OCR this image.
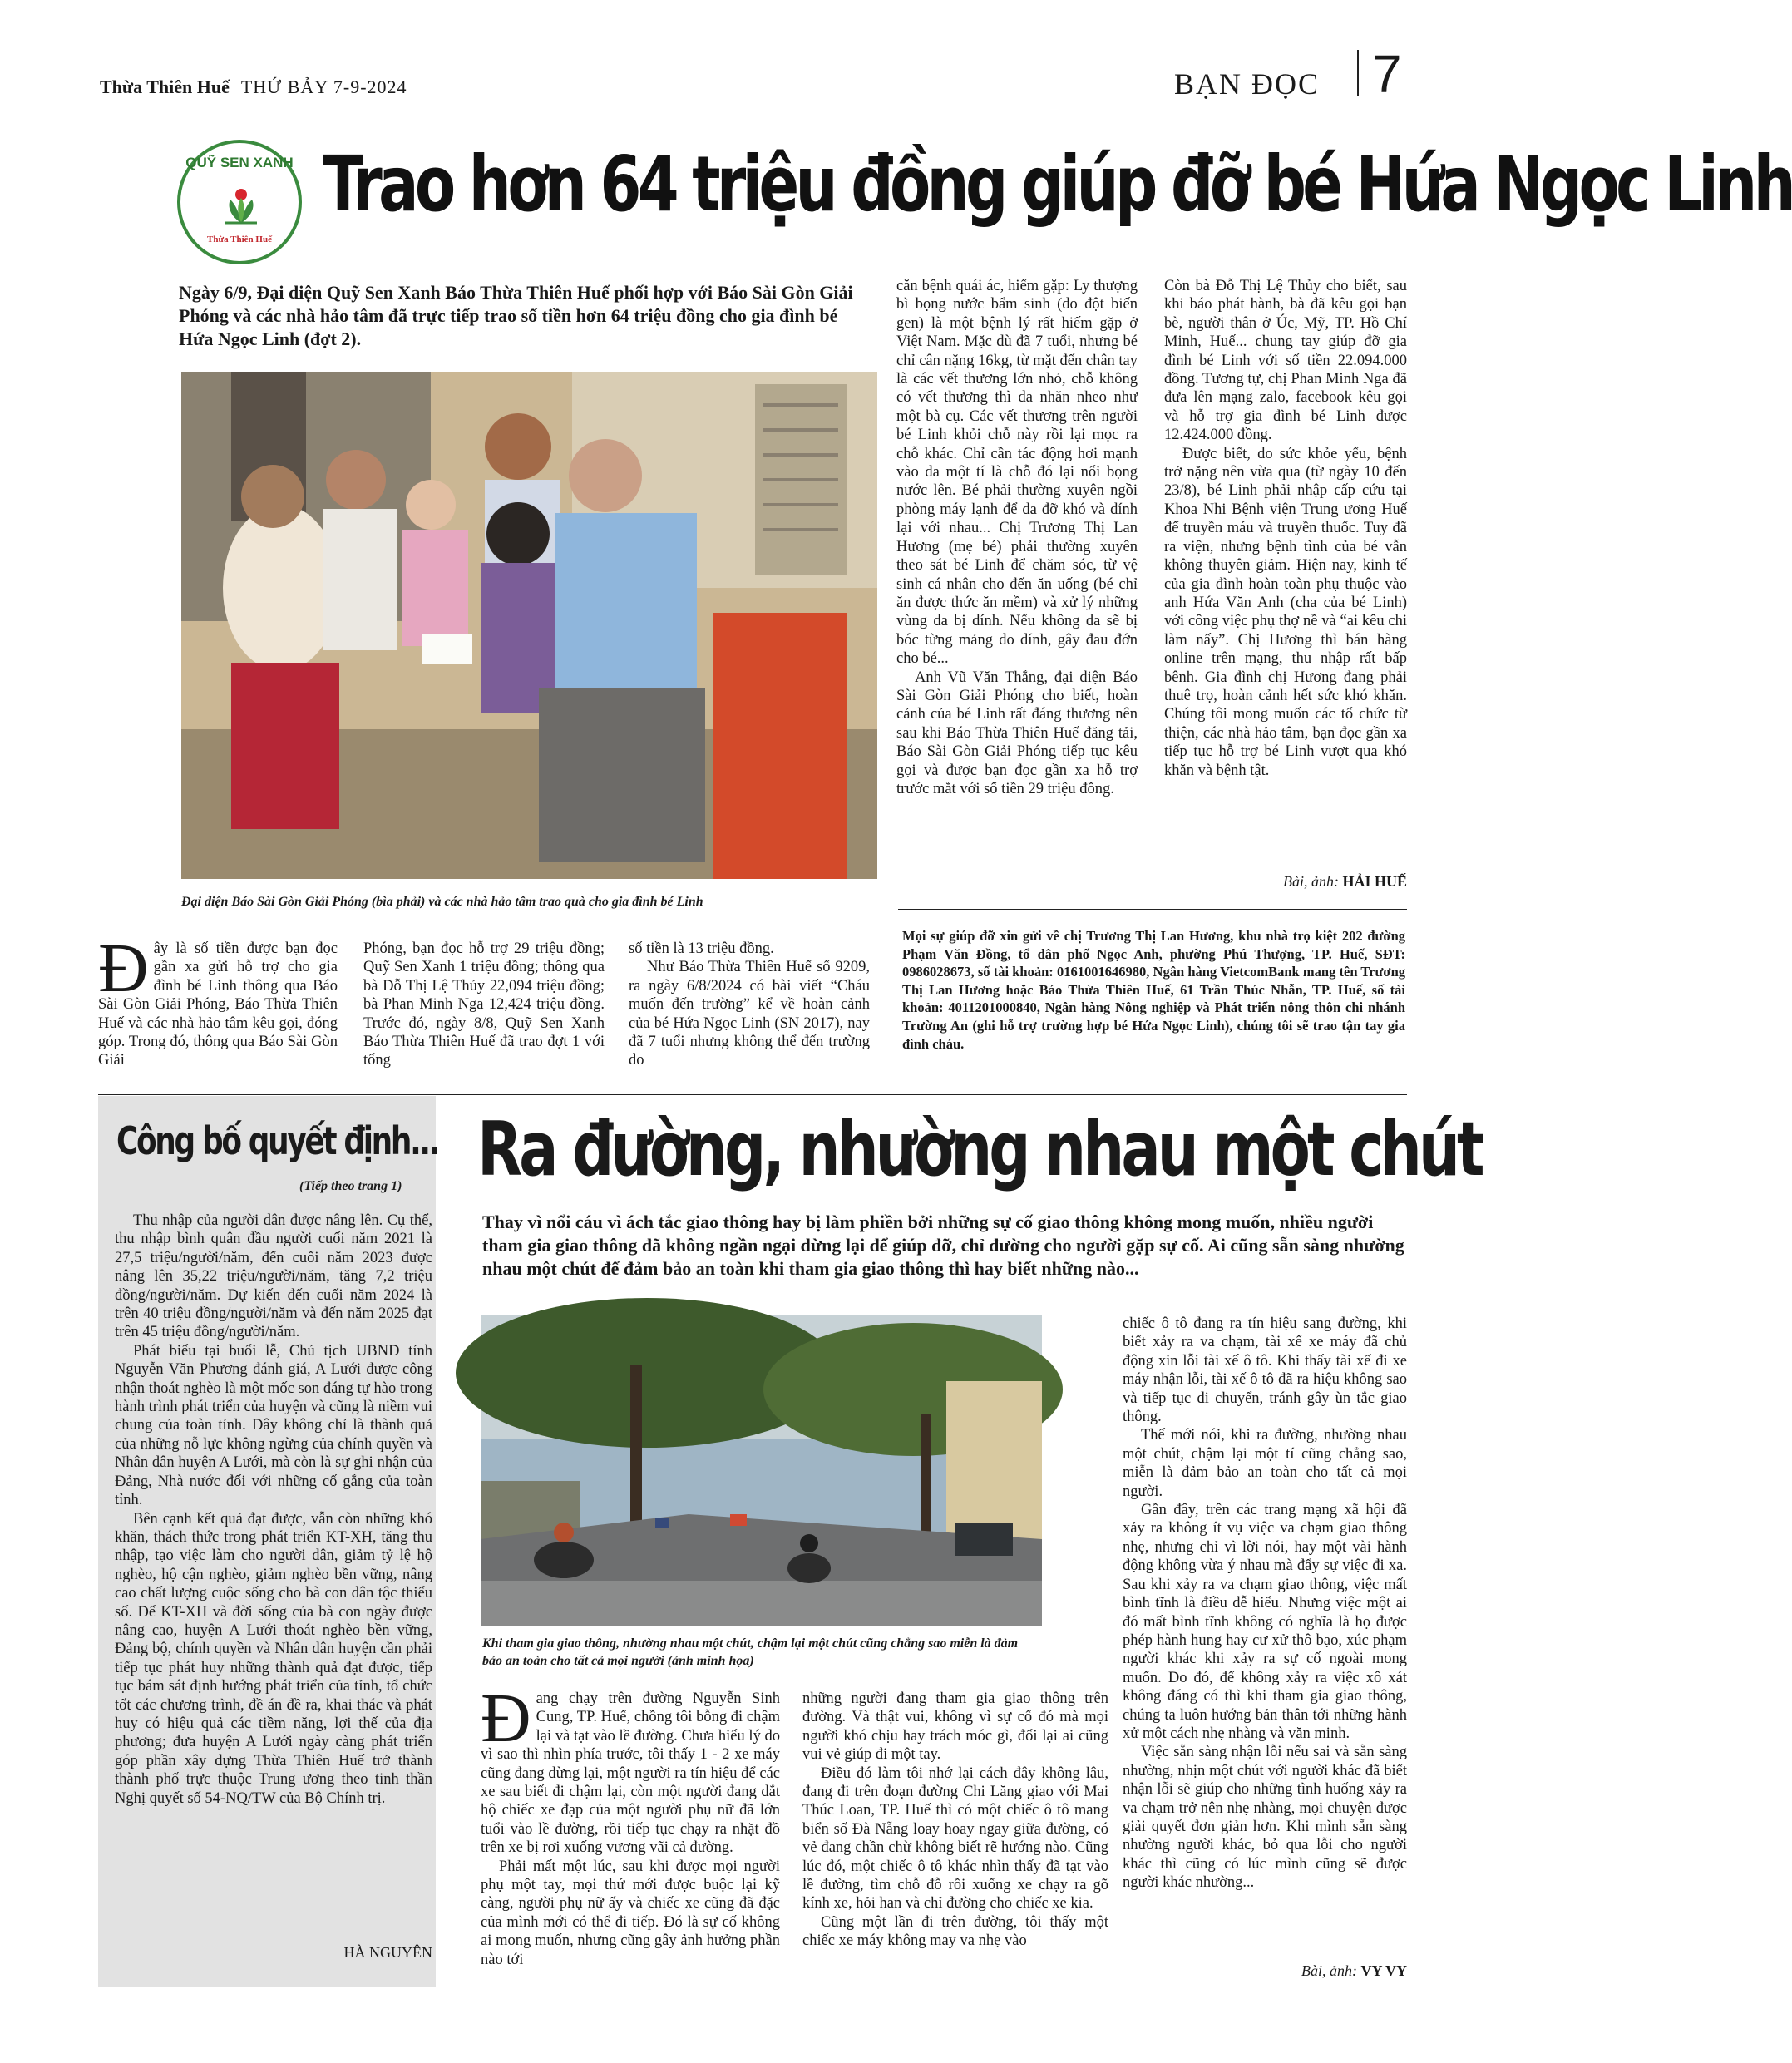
Thừa Thiên Huế THỨ BẢY 7-9-2024	BẠN ĐỌC 7
QUỸ SEN XANH
Thừa Thiên Huế
Trao hơn 64 triệu đồng giúp đỡ bé Hứa Ngọc Linh
Ngày 6/9, Đại diện Quỹ Sen Xanh Báo Thừa Thiên Huế phối hợp với Báo Sài Gòn Giải Phóng và các nhà hảo tâm đã trực tiếp trao số tiền hơn 64 triệu đồng cho gia đình bé Hứa Ngọc Linh (đợt 2).
Đại diện Báo Sài Gòn Giải Phóng (bìa phải) và các nhà hảo tâm trao quà cho gia đình bé Linh
Đây là số tiền được bạn đọc gần xa gửi hỗ trợ cho gia đình bé Linh thông qua Báo Sài Gòn Giải Phóng, Báo Thừa Thiên Huế và các nhà hảo tâm kêu gọi, đóng góp. Trong đó, thông qua Báo Sài Gòn Giải

Phóng, bạn đọc hỗ trợ 29 triệu đồng; Quỹ Sen Xanh 1 triệu đồng; thông qua bà Đỗ Thị Lệ Thủy 22,094 triệu đồng; bà Phan Minh Nga 12,424 triệu đồng. Trước đó, ngày 8/8, Quỹ Sen Xanh Báo Thừa Thiên Huế đã trao đợt 1 với tổng

số tiền là 13 triệu đồng.

Như Báo Thừa Thiên Huế số 9209, ra ngày 6/8/2024 có bài viết “Cháu muốn đến trường” kể về hoàn cảnh của bé Hứa Ngọc Linh (SN 2017), nay đã 7 tuổi nhưng không thể đến trường do

căn bệnh quái ác, hiếm gặp: Ly thượng bì bọng nước bẩm sinh (do đột biến gen) là một bệnh lý rất hiếm gặp ở Việt Nam. Mặc dù đã 7 tuổi, nhưng bé chỉ cân nặng 16kg, từ mặt đến chân tay là các vết thương lớn nhỏ, chỗ không có vết thương thì da nhăn nheo như một bà cụ. Các vết thương trên người bé Linh khỏi chỗ này rồi lại mọc ra chỗ khác. Chỉ cần tác động hơi mạnh vào da một tí là chỗ đó lại nổi bọng nước lên. Bé phải thường xuyên ngồi phòng máy lạnh để da đỡ khó và dính lại với nhau... Chị Trương Thị Lan Hương (mẹ bé) phải thường xuyên theo sát bé Linh để chăm sóc, từ vệ sinh cá nhân cho đến ăn uống (bé chỉ ăn được thức ăn mềm) và xử lý những vùng da bị dính. Nếu không da sẽ bị bóc từng mảng do dính, gây đau đớn cho bé...

Anh Vũ Văn Thắng, đại diện Báo Sài Gòn Giải Phóng cho biết, hoàn cảnh của bé Linh rất đáng thương nên sau khi Báo Thừa Thiên Huế đăng tải, Báo Sài Gòn Giải Phóng tiếp tục kêu gọi và được bạn đọc gần xa hỗ trợ trước mắt với số tiền 29 triệu đồng.

Còn bà Đỗ Thị Lệ Thủy cho biết, sau khi báo phát hành, bà đã kêu gọi bạn bè, người thân ở Úc, Mỹ, TP. Hồ Chí Minh, Huế... chung tay giúp đỡ gia đình bé Linh với số tiền 22.094.000 đồng. Tương tự, chị Phan Minh Nga đã đưa lên mạng zalo, facebook kêu gọi và hỗ trợ gia đình bé Linh được 12.424.000 đồng.

Được biết, do sức khỏe yếu, bệnh trở nặng nên vừa qua (từ ngày 10 đến 23/8), bé Linh phải nhập cấp cứu tại Khoa Nhi Bệnh viện Trung ương Huế để truyền máu và truyền thuốc. Tuy đã ra viện, nhưng bệnh tình của bé vẫn không thuyên giảm. Hiện nay, kinh tế của gia đình hoàn toàn phụ thuộc vào anh Hứa Văn Anh (cha của bé Linh) với công việc phụ thợ nề và “ai kêu chi làm nấy”. Chị Hương thì bán hàng online trên mạng, thu nhập rất bấp bênh. Gia đình chị Hương đang phải thuê trọ, hoàn cảnh hết sức khó khăn. Chúng tôi mong muốn các tổ chức từ thiện, các nhà hảo tâm, bạn đọc gần xa tiếp tục hỗ trợ bé Linh vượt qua khó khăn và bệnh tật.

Bài, ảnh: HẢI HUẾ
Mọi sự giúp đỡ xin gửi về chị Trương Thị Lan Hương, khu nhà trọ kiệt 202 đường Phạm Văn Đồng, tổ dân phố Ngọc Anh, phường Phú Thượng, TP. Huế, SĐT: 0986028673, số tài khoản: 0161001646980, Ngân hàng VietcomBank mang tên Trương Thị Lan Hương hoặc Báo Thừa Thiên Huế, 61 Trần Thúc Nhẫn, TP. Huế, số tài khoản: 4011201000840, Ngân hàng Nông nghiệp và Phát triển nông thôn chi nhánh Trường An (ghi hỗ trợ trường hợp bé Hứa Ngọc Linh), chúng tôi sẽ trao tận tay gia đình cháu.
Công bố quyết định...
(Tiếp theo trang 1)

Thu nhập của người dân được nâng lên. Cụ thể, thu nhập bình quân đầu người cuối năm 2021 là 27,5 triệu/người/năm, đến cuối năm 2023 được nâng lên 35,22 triệu/người/năm, tăng 7,2 triệu đồng/người/năm. Dự kiến đến cuối năm 2024 là trên 40 triệu đồng/người/năm và đến năm 2025 đạt trên 45 triệu đồng/người/năm.

Phát biểu tại buổi lễ, Chủ tịch UBND tỉnh Nguyễn Văn Phương đánh giá, A Lưới được công nhận thoát nghèo là một mốc son đáng tự hào trong hành trình phát triển của huyện và cũng là niềm vui chung của toàn tỉnh. Đây không chỉ là thành quả của những nỗ lực không ngừng của chính quyền và Nhân dân huyện A Lưới, mà còn là sự ghi nhận của Đảng, Nhà nước đối với những cố gắng của toàn tỉnh.

Bên cạnh kết quả đạt được, vẫn còn những khó khăn, thách thức trong phát triển KT-XH, tăng thu nhập, tạo việc làm cho người dân, giảm tỷ lệ hộ nghèo, hộ cận nghèo, giảm nghèo bền vững, nâng cao chất lượng cuộc sống cho bà con dân tộc thiểu số. Để KT-XH và đời sống của bà con ngày được nâng cao, huyện A Lưới thoát nghèo bền vững, Đảng bộ, chính quyền và Nhân dân huyện cần phải tiếp tục phát huy những thành quả đạt được, tiếp tục bám sát định hướng phát triển của tỉnh, tổ chức tốt các chương trình, đề án đề ra, khai thác và phát huy có hiệu quả các tiềm năng, lợi thế của địa phương; đưa huyện A Lưới ngày càng phát triển góp phần xây dựng Thừa Thiên Huế trở thành thành phố trực thuộc Trung ương theo tinh thần Nghị quyết số 54-NQ/TW của Bộ Chính trị.

HÀ NGUYÊN
Ra đường, nhường nhau một chút
Thay vì nổi cáu vì ách tắc giao thông hay bị làm phiền bởi những sự cố giao thông không mong muốn, nhiều người tham gia giao thông đã không ngần ngại dừng lại để giúp đỡ, chỉ đường cho người gặp sự cố. Ai cũng sẵn sàng nhường nhau một chút để đảm bảo an toàn khi tham gia giao thông thì hay biết những nào...
Khi tham gia giao thông, nhường nhau một chút, chậm lại một chút cũng chẳng sao miễn là đảm bảo an toàn cho tất cả mọi người (ảnh minh họa)
Đang chạy trên đường Nguyễn Sinh Cung, TP. Huế, chồng tôi bỗng đi chậm lại và tạt vào lề đường. Chưa hiểu lý do vì sao thì nhìn phía trước, tôi thấy 1 - 2 xe máy cũng đang dừng lại, một người ra tín hiệu để các xe sau biết đi chậm lại, còn một người đang dắt hộ chiếc xe đạp của một người phụ nữ đã lớn tuổi vào lề đường, rồi tiếp tục chạy ra nhặt đồ trên xe bị rơi xuống vương vãi cả đường.

Phải mất một lúc, sau khi được mọi người phụ một tay, mọi thứ mới được buộc lại kỹ càng, người phụ nữ ấy và chiếc xe cũng đã đặc của mình mới có thể đi tiếp. Đó là sự cố không ai mong muốn, nhưng cũng gây ảnh hưởng phần nào tới

những người đang tham gia giao thông trên đường. Và thật vui, không vì sự cố đó mà mọi người khó chịu hay trách móc gì, đổi lại ai cũng vui vẻ giúp đi một tay.

Điều đó làm tôi nhớ lại cách đây không lâu, đang đi trên đoạn đường Chi Lăng giao với Mai Thúc Loan, TP. Huế thì có một chiếc ô tô mang biển số Đà Nẵng loay hoay ngay giữa đường, có vẻ đang chần chừ không biết rẽ hướng nào. Cũng lúc đó, một chiếc ô tô khác nhìn thấy đã tạt vào lề đường, tìm chỗ đỗ rồi xuống xe chạy ra gõ kính xe, hỏi han và chỉ đường cho chiếc xe kia.

Cũng một lần đi trên đường, tôi thấy một chiếc xe máy không may va nhẹ vào

chiếc ô tô đang ra tín hiệu sang đường, khi biết xảy ra va chạm, tài xế xe máy đã chủ động xin lỗi tài xế ô tô. Khi thấy tài xế đi xe máy nhận lỗi, tài xế ô tô đã ra hiệu không sao và tiếp tục di chuyển, tránh gây ùn tắc giao thông.

Thế mới nói, khi ra đường, nhường nhau một chút, chậm lại một tí cũng chẳng sao, miễn là đảm bảo an toàn cho tất cả mọi người.

Gần đây, trên các trang mạng xã hội đã xảy ra không ít vụ việc va chạm giao thông nhẹ, nhưng chỉ vì lời nói, hay một vài hành động không vừa ý nhau mà đẩy sự việc đi xa. Sau khi xảy ra va chạm giao thông, việc mất bình tĩnh là điều dễ hiểu. Nhưng việc một ai đó mất bình tĩnh không có nghĩa là họ được phép hành hung hay cư xử thô bạo, xúc phạm người khác khi xảy ra sự cố ngoài mong muốn. Do đó, để không xảy ra việc xô xát không đáng có thì khi tham gia giao thông, chúng ta luôn hướng bản thân tới những hành xử một cách nhẹ nhàng và văn minh.

Việc sẵn sàng nhận lỗi nếu sai và sẵn sàng nhường, nhịn một chút với người khác đã biết nhận lỗi sẽ giúp cho những tình huống xảy ra va chạm trở nên nhẹ nhàng, mọi chuyện được giải quyết đơn giản hơn. Khi mình sẵn sàng nhường người khác, bỏ qua lỗi cho người khác thì cũng có lúc mình cũng sẽ được người khác nhường...

Bài, ảnh: VY VY
